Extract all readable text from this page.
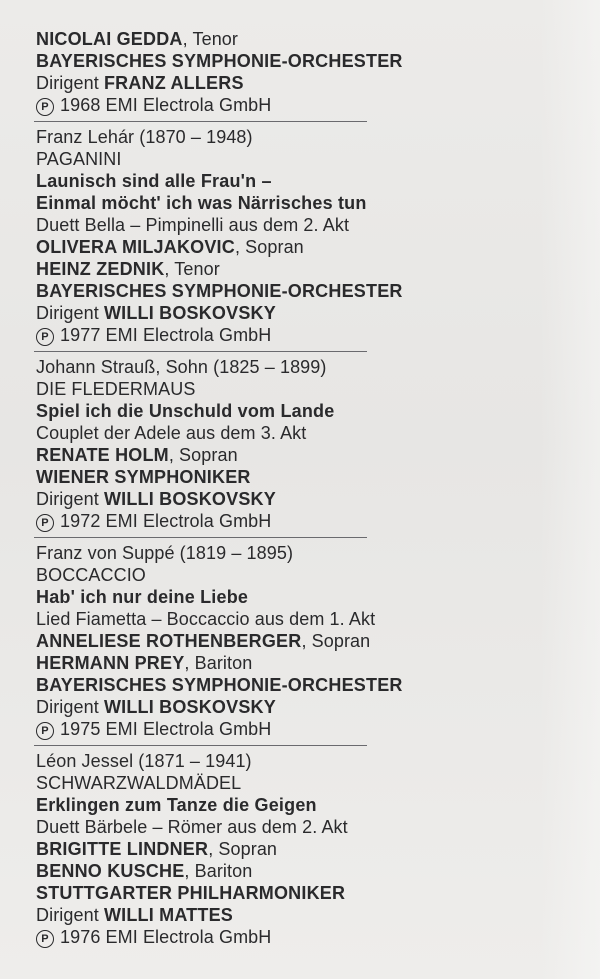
NICOLAI GEDDA, Tenor
BAYERISCHES SYMPHONIE-ORCHESTER
Dirigent FRANZ ALLERS
P 1968 EMI Electrola GmbH
Franz Lehár (1870 – 1948)
PAGANINI
Launisch sind alle Frau'n –
Einmal möcht' ich was Närrisches tun
Duett Bella – Pimpinelli aus dem 2. Akt
OLIVERA MILJAKOVIC, Sopran
HEINZ ZEDNIK, Tenor
BAYERISCHES SYMPHONIE-ORCHESTER
Dirigent WILLI BOSKOVSKY
P 1977 EMI Electrola GmbH
Johann Strauß, Sohn (1825 – 1899)
DIE FLEDERMAUS
Spiel ich die Unschuld vom Lande
Couplet der Adele aus dem 3. Akt
RENATE HOLM, Sopran
WIENER SYMPHONIKER
Dirigent WILLI BOSKOVSKY
P 1972 EMI Electrola GmbH
Franz von Suppé (1819 – 1895)
BOCCACCIO
Hab' ich nur deine Liebe
Lied Fiametta – Boccaccio aus dem 1. Akt
ANNELIESE ROTHENBERGER, Sopran
HERMANN PREY, Bariton
BAYERISCHES SYMPHONIE-ORCHESTER
Dirigent WILLI BOSKOVSKY
P 1975 EMI Electrola GmbH
Léon Jessel (1871 – 1941)
SCHWARZWALDMÄDEL
Erklingen zum Tanze die Geigen
Duett Bärbele – Römer aus dem 2. Akt
BRIGITTE LINDNER, Sopran
BENNO KUSCHE, Bariton
STUTTGARTER PHILHARMONIKER
Dirigent WILLI MATTES
P 1976 EMI Electrola GmbH
